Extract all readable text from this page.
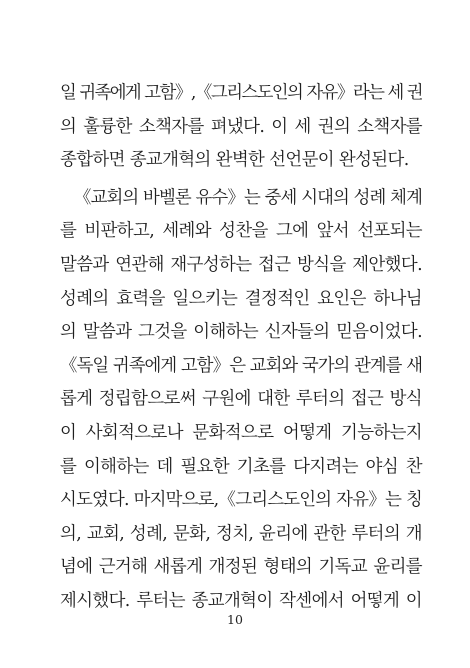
일 귀족에게 고함》,《그리스도인의 자유》라는 세 권
의 훌륭한 소책자를 펴냈다. 이 세 권의 소책자를
종합하면 종교개혁의 완벽한 선언문이 완성된다.
《교회의 바벨론 유수》는 중세 시대의 성례 체계
를 비판하고, 세례와 성찬을 그에 앞서 선포되는
말씀과 연관해 재구성하는 접근 방식을 제안했다.
성례의 효력을 일으키는 결정적인 요인은 하나님
의 말씀과 그것을 이해하는 신자들의 믿음이었다.
《독일 귀족에게 고함》은 교회와 국가의 관계를 새
롭게 정립함으로써 구원에 대한 루터의 접근 방식
이 사회적으로나 문화적으로 어떻게 기능하는지
를 이해하는 데 필요한 기초를 다지려는 야심 찬
시도였다. 마지막으로,《그리스도인의 자유》는 칭
의, 교회, 성례, 문화, 정치, 윤리에 관한 루터의 개
념에 근거해 새롭게 개정된 형태의 기독교 윤리를
제시했다. 루터는 종교개혁이 작센에서 어떻게 이
10
